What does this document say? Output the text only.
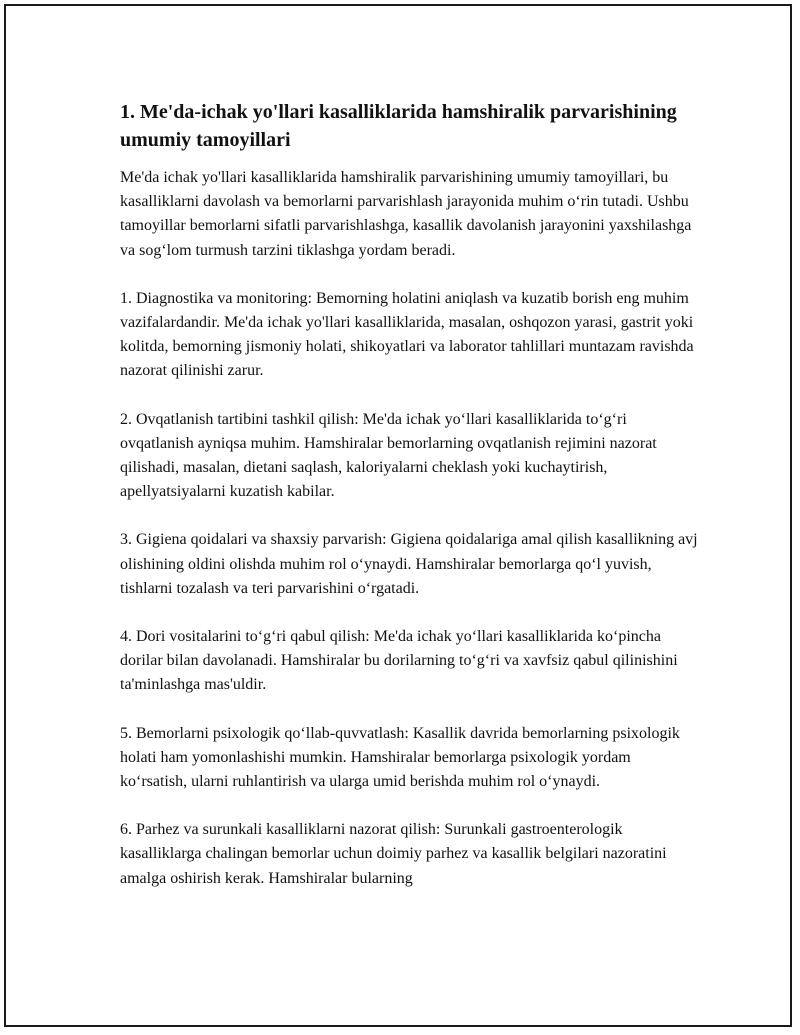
1. Me'da-ichak yo'llari kasalliklarida hamshiralik parvarishining umumiy tamoyillari

Me'da ichak yo'llari kasalliklarida hamshiralik parvarishining umumiy tamoyillari, bu kasalliklarni davolash va bemorlarni parvarishlash jarayonida muhim o‘rin tutadi. Ushbu tamoyillar bemorlarni sifatli parvarishlashga, kasallik davolanish jarayonini yaxshilashga va sog‘lom turmush tarzini tiklashga yordam beradi.

1. Diagnostika va monitoring: Bemorning holatini aniqlash va kuzatib borish eng muhim vazifalardandir. Me'da ichak yo'llari kasalliklarida, masalan, oshqozon yarasi, gastrit yoki kolitda, bemorning jismoniy holati, shikoyatlari va laborator tahlillari muntazam ravishda nazorat qilinishi zarur.

2. Ovqatlanish tartibini tashkil qilish: Me'da ichak yo‘llari kasalliklarida to‘g‘ri ovqatlanish ayniqsa muhim. Hamshiralar bemorlarning ovqatlanish rejimini nazorat qilishadi, masalan, dietani saqlash, kaloriyalarni cheklash yoki kuchaytirish, apellyatsiyalarni kuzatish kabilar.

3. Gigiena qoidalari va shaxsiy parvarish: Gigiena qoidalariga amal qilish kasallikning avj olishining oldini olishda muhim rol o‘ynaydi. Hamshiralar bemorlarga qo‘l yuvish, tishlarni tozalash va teri parvarishini o‘rgatadi.

4. Dori vositalarini to‘g‘ri qabul qilish: Me'da ichak yo‘llari kasalliklarida ko‘pincha dorilar bilan davolanadi. Hamshiralar bu dorilarning to‘g‘ri va xavfsiz qabul qilinishini ta'minlashga mas'uldir.

5. Bemorlarni psixologik qo‘llab-quvvatlash: Kasallik davrida bemorlarning psixologik holati ham yomonlashishi mumkin. Hamshiralar bemorlarga psixologik yordam ko‘rsatish, ularni ruhlantirish va ularga umid berishda muhim rol o‘ynaydi.

6. Parhez va surunkali kasalliklarni nazorat qilish: Surunkali gastroenterologik kasalliklarga chalingan bemorlar uchun doimiy parhez va kasallik belgilari nazoratini amalga oshirish kerak. Hamshiralar bularning
